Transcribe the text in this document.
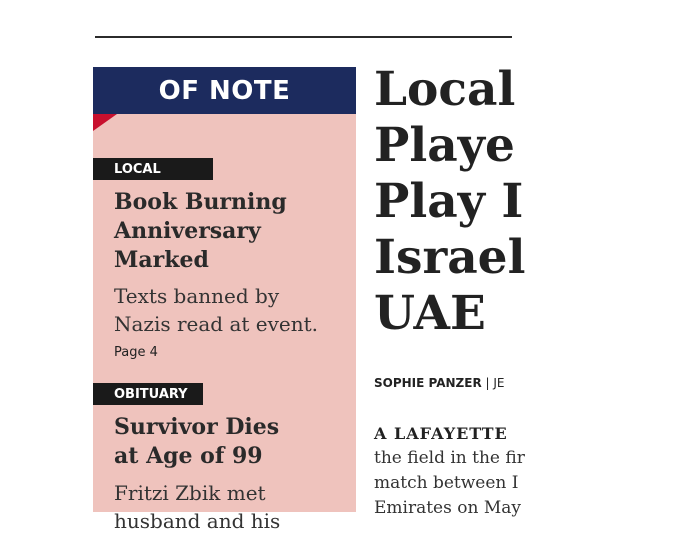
OF NOTE
LOCAL
Book Burning
Anniversary
Marked
Texts banned by
Nazis read at event.
Page 4
OBITUARY
Survivor Dies
at Age of 99
Fritzi Zbik met
husband and his
Local
Playe
Play I
Israel
UAE
SOPHIE PANZER | JE
A LAFAYETTE
the field in the fir
match between I
Emirates on May
